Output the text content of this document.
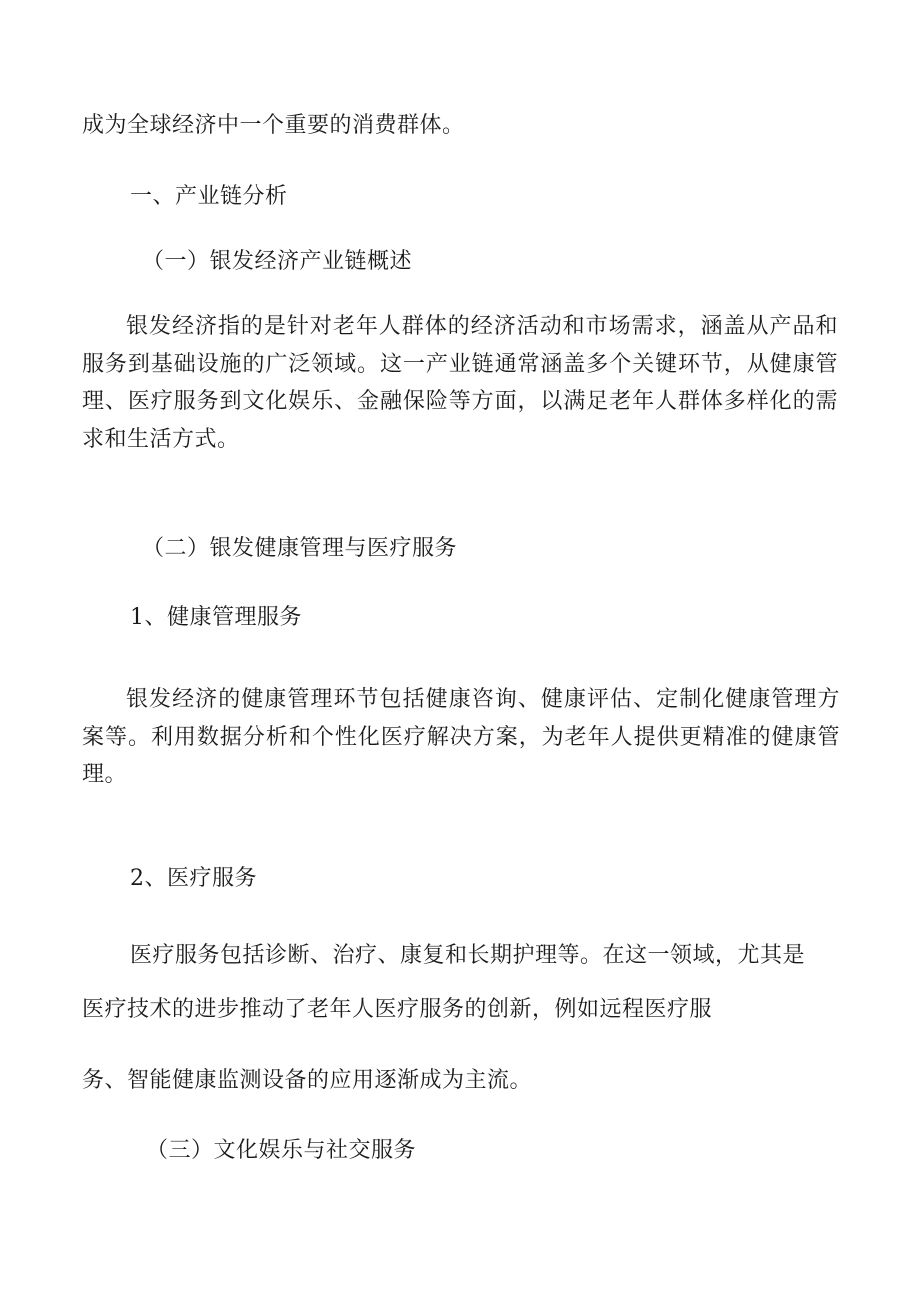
成为全球经济中一个重要的消费群体。
一、产业链分析
（一）银发经济产业链概述

银发经济指的是针对老年人群体的经济活动和市场需求，涵盖从产品和服务到基础设施的广泛领域。这一产业链通常涵盖多个关键环节，从健康管理、医疗服务到文化娱乐、金融保险等方面，以满足老年人群体多样化的需求和生活方式。

（二）银发健康管理与医疗服务
1、健康管理服务

银发经济的健康管理环节包括健康咨询、健康评估、定制化健康管理方案等。利用数据分析和个性化医疗解决方案，为老年人提供更精准的健康管理。

2、医疗服务
医疗服务包括诊断、治疗、康复和长期护理等。在这一领域，尤其是
医疗技术的进步推动了老年人医疗服务的创新，例如远程医疗服
务、智能健康监测设备的应用逐渐成为主流。
（三）文化娱乐与社交服务
